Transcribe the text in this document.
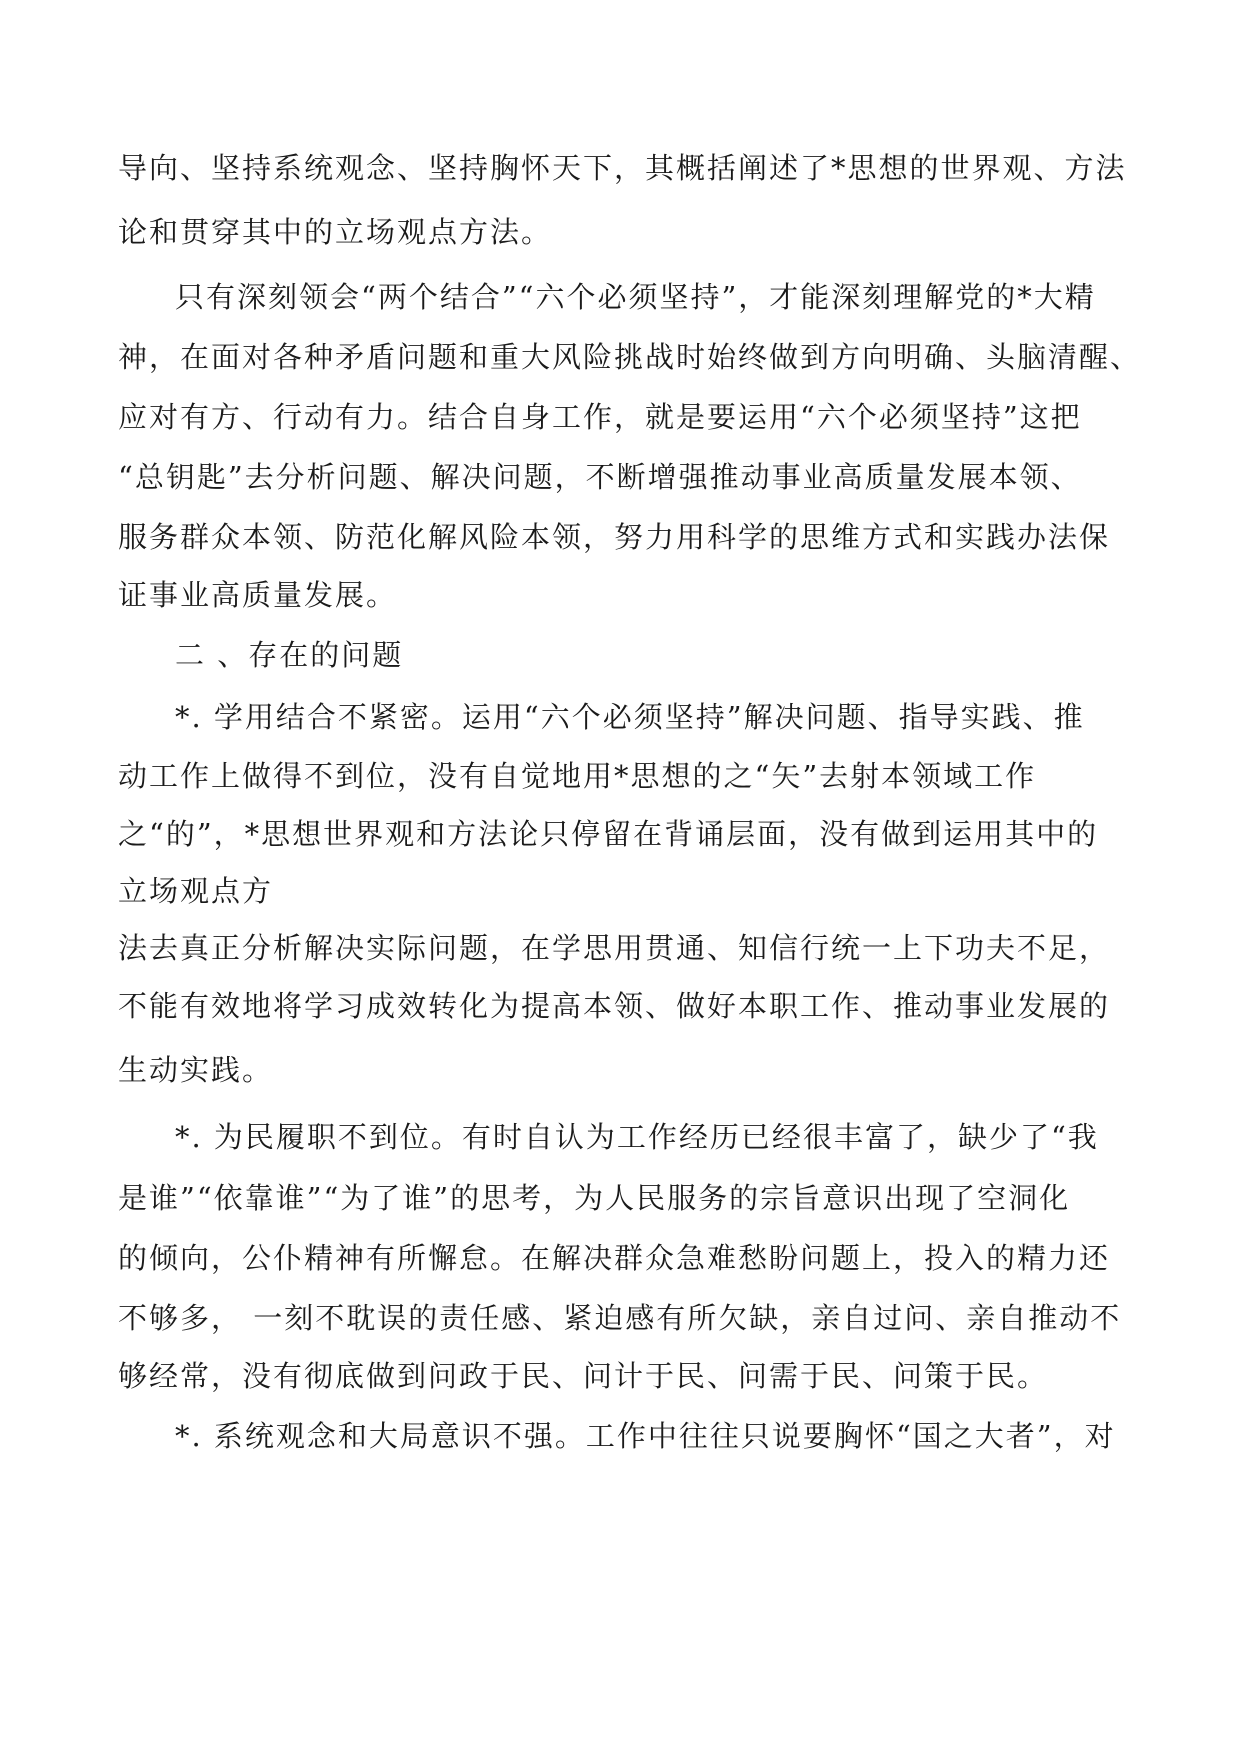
导向、坚持系统观念、坚持胸怀天下，其概括阐述了*思想的世界观、方法
论和贯穿其中的立场观点方法。
只有深刻领会“两个结合”“六个必须坚持”，才能深刻理解党的*大精
神，在面对各种矛盾问题和重大风险挑战时始终做到方向明确、头脑清醒、
应对有方、行动有力。结合自身工作，就是要运用“六个必须坚持”这把
“总钥匙”去分析问题、解决问题，不断增强推动事业高质量发展本领、
服务群众本领、防范化解风险本领，努力用科学的思维方式和实践办法保
证事业高质量发展。
二 、存在的问题
*. 学用结合不紧密。运用“六个必须坚持”解决问题、指导实践、推
动工作上做得不到位，没有自觉地用*思想的之“矢”去射本领域工作
之“的”，*思想世界观和方法论只停留在背诵层面，没有做到运用其中的
立场观点方
法去真正分析解决实际问题，在学思用贯通、知信行统一上下功夫不足，
不能有效地将学习成效转化为提高本领、做好本职工作、推动事业发展的
生动实践。
*. 为民履职不到位。有时自认为工作经历已经很丰富了，缺少了“我
是谁”“依靠谁”“为了谁”的思考，为人民服务的宗旨意识出现了空洞化
的倾向，公仆精神有所懈怠。在解决群众急难愁盼问题上，投入的精力还
不够多， 一刻不耽误的责任感、紧迫感有所欠缺，亲自过问、亲自推动不
够经常，没有彻底做到问政于民、问计于民、问需于民、问策于民。
*. 系统观念和大局意识不强。工作中往往只说要胸怀“国之大者”，对
